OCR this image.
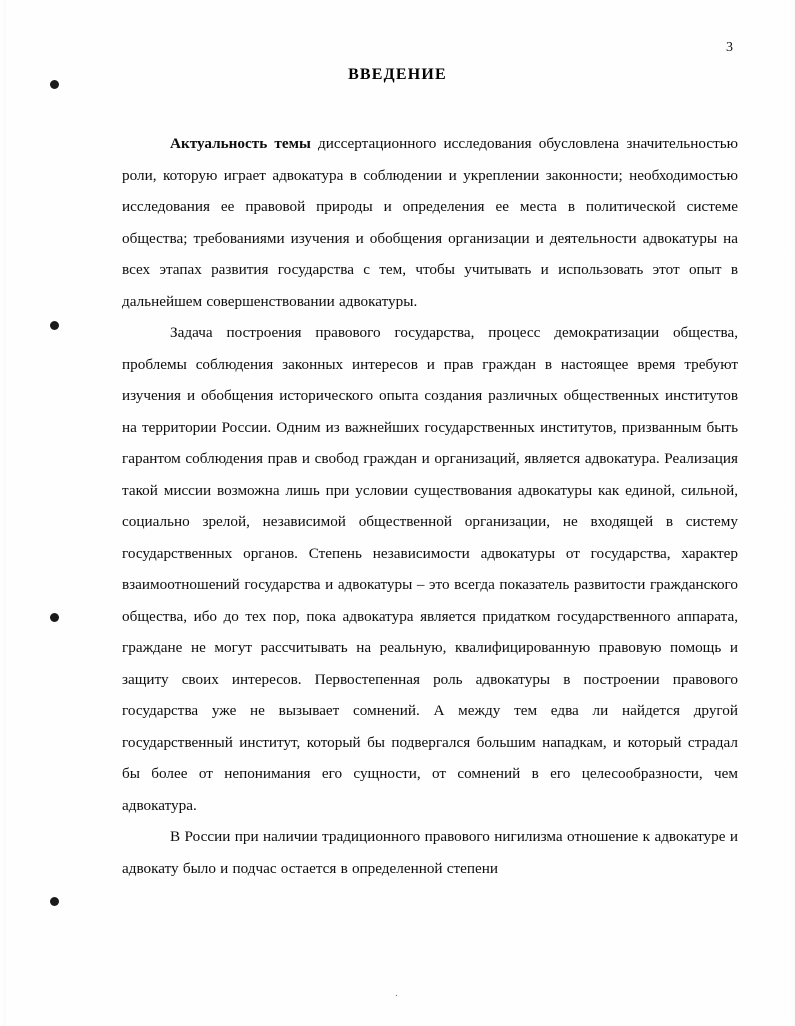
3
ВВЕДЕНИЕ

Актуальность темы диссертационного исследования обусловлена значительностью роли, которую играет адвокатура в соблюдении и укреплении законности; необходимостью исследования ее правовой природы и определения ее места в политической системе общества; требованиями изучения и обобщения организации и деятельности адвокатуры на всех этапах развития государства с тем, чтобы учитывать и использовать этот опыт в дальнейшем совершенствовании адвокатуры.

Задача построения правового государства, процесс демократизации общества, проблемы соблюдения законных интересов и прав граждан в настоящее время требуют изучения и обобщения исторического опыта создания различных общественных институтов на территории России. Одним из важнейших государственных институтов, призванным быть гарантом соблюдения прав и свобод граждан и организаций, является адвокатура. Реализация такой миссии возможна лишь при условии существования адвокатуры как единой, сильной, социально зрелой, независимой общественной организации, не входящей в систему государственных органов. Степень независимости адвокатуры от государства, характер взаимоотношений государства и адвокатуры – это всегда показатель развитости гражданского общества, ибо до тех пор, пока адвокатура является придатком государственного аппарата, граждане не могут рассчитывать на реальную, квалифицированную правовую помощь и защиту своих интересов. Первостепенная роль адвокатуры в построении правового государства уже не вызывает сомнений. А между тем едва ли найдется другой государственный институт, который бы подвергался большим нападкам, и который страдал бы более от непонимания его сущности, от сомнений в его целесообразности, чем адвокатура.

В России при наличии традиционного правового нигилизма отношение к адвокатуре и адвокату было и подчас остается в определенной степени

·
